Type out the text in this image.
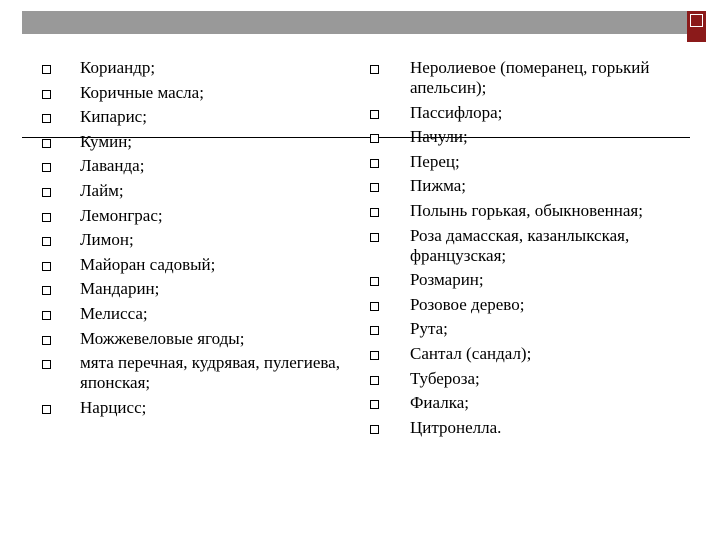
Кориандр;
Коричные масла;
Кипарис;
Кумин;
Лаванда;
Лайм;
Лемонграс;
Лимон;
Майоран садовый;
Мандарин;
Мелисса;
Можжевеловые ягоды;
мята перечная, кудрявая, пулегиева, японская;
Нарцисс;
Неролиевое (померанец, горький апельсин);
Пассифлора;
Пачули;
Перец;
Пижма;
Полынь горькая, обыкновенная;
Роза дамасская, казанлыкская, французская;
Розмарин;
Розовое дерево;
Рута;
Сантал (сандал);
Тубероза;
Фиалка;
Цитронелла.
